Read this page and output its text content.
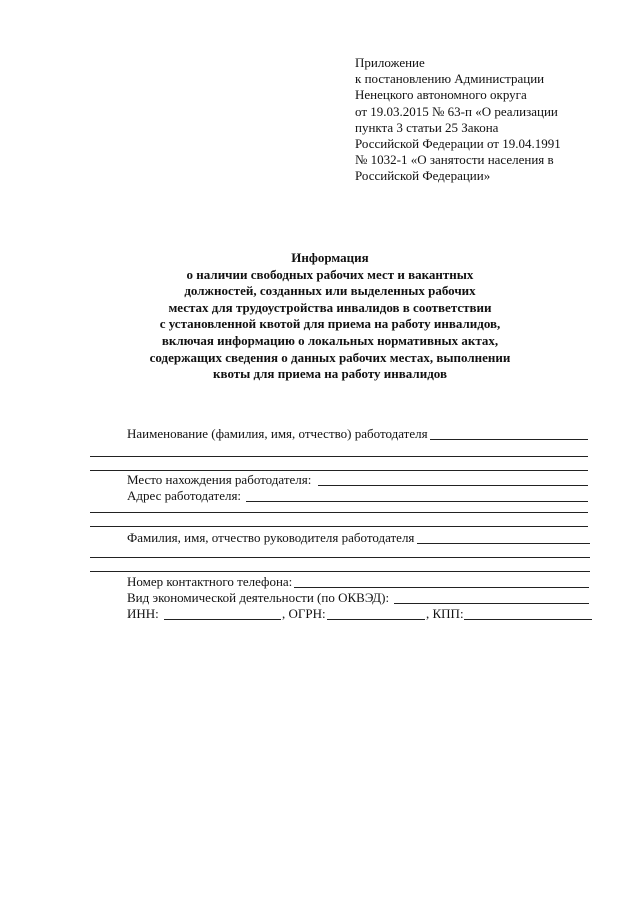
Приложение
к постановлению Администрации
Ненецкого автономного округа
от 19.03.2015 № 63-п «О реализации
пункта 3 статьи 25 Закона
Российской Федерации от 19.04.1991
№ 1032-1 «О занятости населения в
Российской Федерации»
Информация
о наличии свободных рабочих мест и вакантных
должностей, созданных или выделенных рабочих
местах для трудоустройства инвалидов в соответствии
с установленной квотой для приема на работу инвалидов,
включая информацию о локальных нормативных актах,
содержащих сведения о данных рабочих местах, выполнении
квоты для приема на работу инвалидов
Наименование (фамилия, имя, отчество) работодателя
Место нахождения работодателя:
Адрес работодателя:
Фамилия, имя, отчество руководителя работодателя
Номер контактного телефона:
Вид экономической деятельности (по ОКВЭД):
ИНН:	, ОГРН:	, КПП:
